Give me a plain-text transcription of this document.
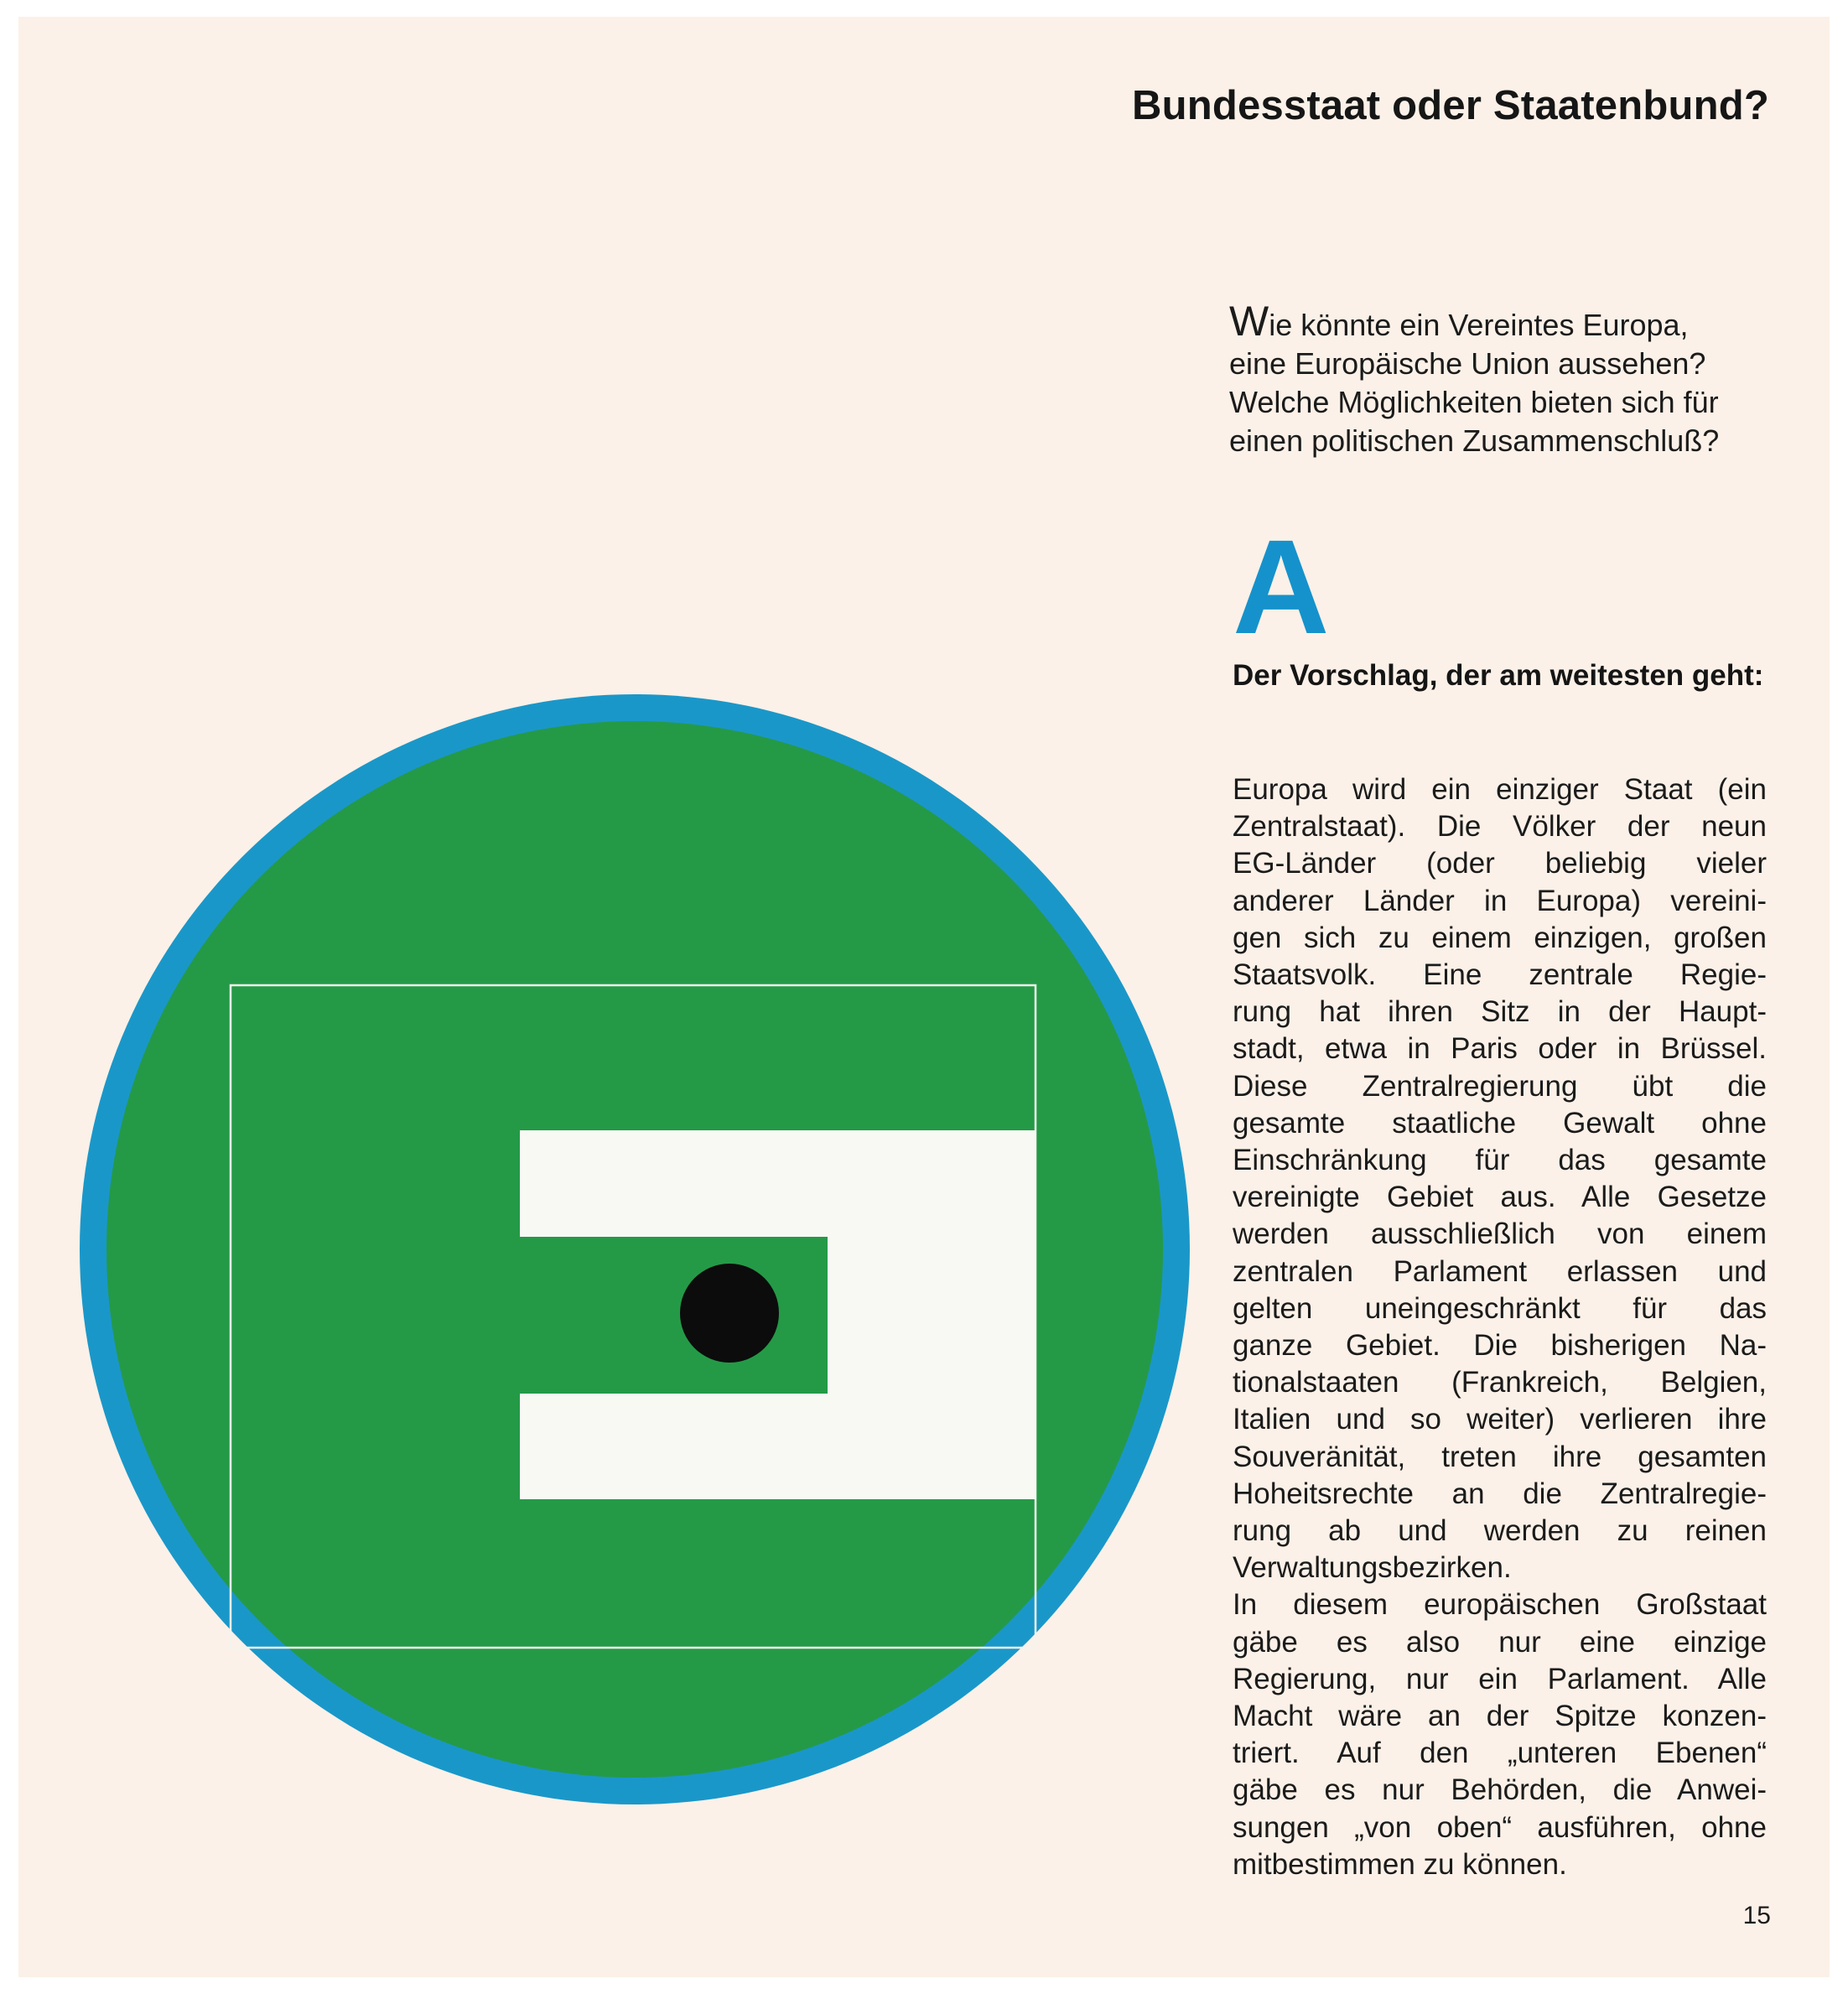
Bundesstaat oder Staatenbund?
Wie könnte ein Vereintes Europa,
eine Europäische Union aussehen?
Welche Möglichkeiten bieten sich für
einen politischen Zusammenschluß?
A
Der Vorschlag, der am weitesten geht:
Europa wird ein einziger Staat (ein
Zentralstaat). Die Völker der neun
EG-Länder (oder beliebig vieler
anderer Länder in Europa) vereini-
gen sich zu einem einzigen, großen
Staatsvolk. Eine zentrale Regie-
rung hat ihren Sitz in der Haupt-
stadt, etwa in Paris oder in Brüssel.
Diese Zentralregierung übt die
gesamte staatliche Gewalt ohne
Einschränkung für das gesamte
vereinigte Gebiet aus. Alle Gesetze
werden ausschließlich von einem
zentralen Parlament erlassen und
gelten uneingeschränkt für das
ganze Gebiet. Die bisherigen Na-
tionalstaaten (Frankreich, Belgien,
Italien und so weiter) verlieren ihre
Souveränität, treten ihre gesamten
Hoheitsrechte an die Zentralregie-
rung ab und werden zu reinen
Verwaltungsbezirken.
In diesem europäischen Großstaat
gäbe es also nur eine einzige
Regierung, nur ein Parlament. Alle
Macht wäre an der Spitze konzen-
triert. Auf den „unteren Ebenen“
gäbe es nur Behörden, die Anwei-
sungen „von oben“ ausführen, ohne
mitbestimmen zu können.
15
